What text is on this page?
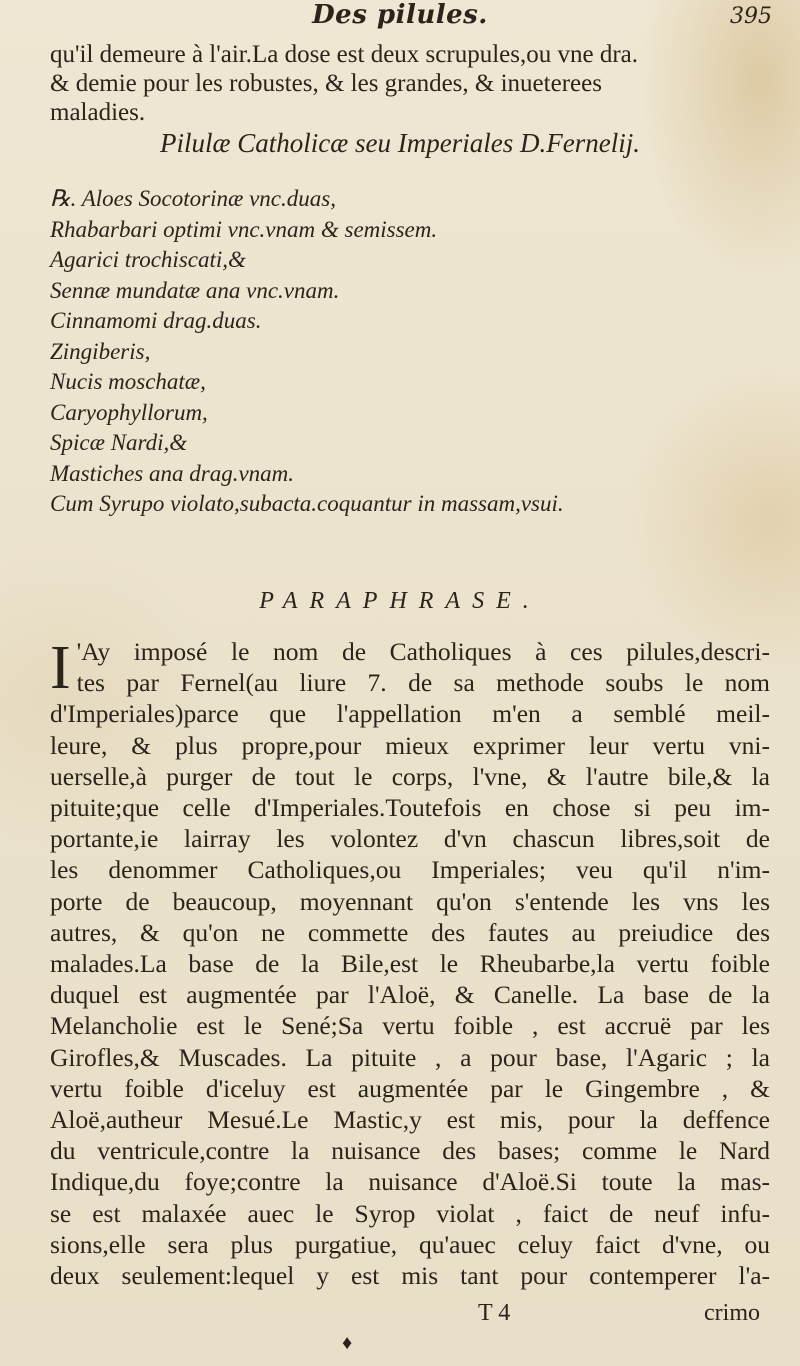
Des pilules.	395
qu'il demeure à l'air.La dose est deux scrupules,ou vne dra.
& demie pour les robustes, & les grandes, & inueterees
maladies.
Pilulæ Catholicæ seu Imperiales D.Fernelij.
℞. Aloes Socotorinæ vnc.duas,
Rhabarbari optimi vnc.vnam & semissem.
Agarici trochiscati,&
Sennæ mundatæ ana vnc.vnam.
Cinnamomi drag.duas.
Zingiberis,
Nucis moschatæ,
Caryophyllorum,
Spicæ Nardi,&
Mastiches ana drag.vnam.
Cum Syrupo violato,subacta.coquantur in massam,vsui.
PARAPHRASE.
I 'Ay imposé le nom de Catholiques à ces pilules,descri-
tes par Fernel(au liure 7. de sa methode soubs le nom
d'Imperiales)parce que l'appellation m'en a semblé meil-
leure, & plus propre,pour mieux exprimer leur vertu vni-
uerselle,à purger de tout le corps, l'vne, & l'autre bile,& la
pituite;que celle d'Imperiales.Toutefois en chose si peu im-
portante,ie lairray les volontez d'vn chascun libres,soit de
les denommer Catholiques,ou Imperiales; veu qu'il n'im-
porte de beaucoup, moyennant qu'on s'entende les vns les
autres, & qu'on ne commette des fautes au preiudice des
malades.La base de la Bile,est le Rheubarbe,la vertu foible
duquel est augmentée par l'Aloë, & Canelle. La base de la
Melancholie est le Sené;Sa vertu foible , est accruë par les
Girofles,& Muscades. La pituite , a pour base, l'Agaric ; la
vertu foible d'iceluy est augmentée par le Gingembre , &
Aloë,autheur Mesué.Le Mastic,y est mis, pour la deffence
du ventricule,contre la nuisance des bases; comme le Nard
Indique,du foye;contre la nuisance d'Aloë.Si toute la mas-
se est malaxée auec le Syrop violat , faict de neuf infu-
sions,elle sera plus purgatiue, qu'auec celuy faict d'vne, ou
deux seulement:lequel y est mis tant pour contemperer l'a-
T 4	crimo
♦
